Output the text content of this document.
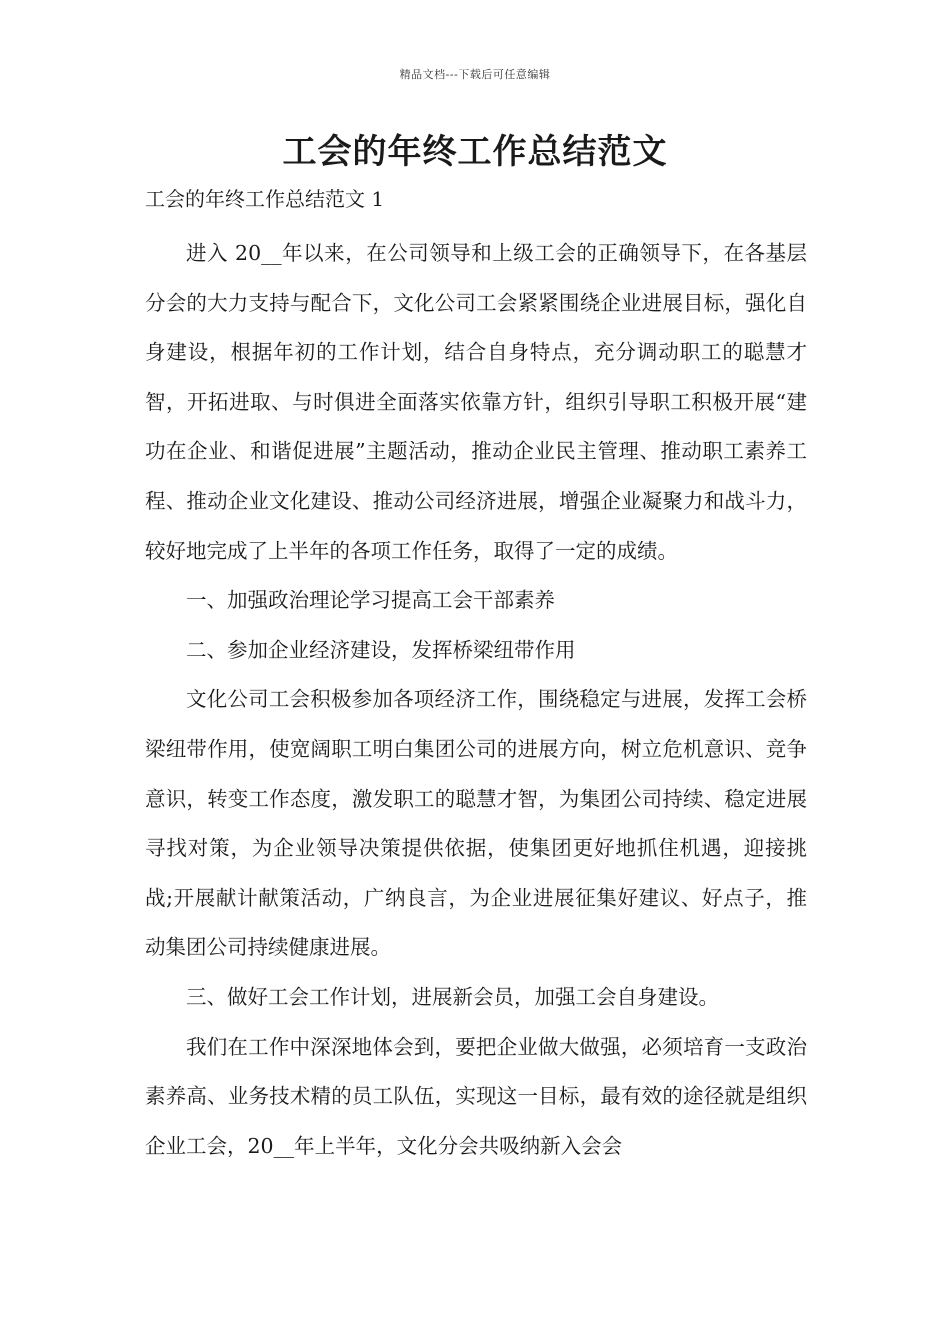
精品文档---下载后可任意编辑
工会的年终工作总结范文

工会的年终工作总结范文 1

进入 20__年以来，在公司领导和上级工会的正确领导下，在各基层分会的大力支持与配合下，文化公司工会紧紧围绕企业进展目标，强化自身建设，根据年初的工作计划，结合自身特点，充分调动职工的聪慧才智，开拓进取、与时俱进全面落实依靠方针，组织引导职工积极开展“建功在企业、和谐促进展”主题活动，推动企业民主管理、推动职工素养工程、推动企业文化建设、推动公司经济进展，增强企业凝聚力和战斗力，较好地完成了上半年的各项工作任务，取得了一定的成绩。

一、加强政治理论学习提高工会干部素养

二、参加企业经济建设，发挥桥梁纽带作用

文化公司工会积极参加各项经济工作，围绕稳定与进展，发挥工会桥梁纽带作用，使宽阔职工明白集团公司的进展方向，树立危机意识、竞争意识，转变工作态度，激发职工的聪慧才智，为集团公司持续、稳定进展寻找对策，为企业领导决策提供依据，使集团更好地抓住机遇，迎接挑战;开展献计献策活动，广纳良言，为企业进展征集好建议、好点子，推动集团公司持续健康进展。

三、做好工会工作计划，进展新会员，加强工会自身建设。

我们在工作中深深地体会到，要把企业做大做强，必须培育一支政治素养高、业务技术精的员工队伍，实现这一目标，最有效的途径就是组织企业工会，20__年上半年，文化分会共吸纳新入会会
